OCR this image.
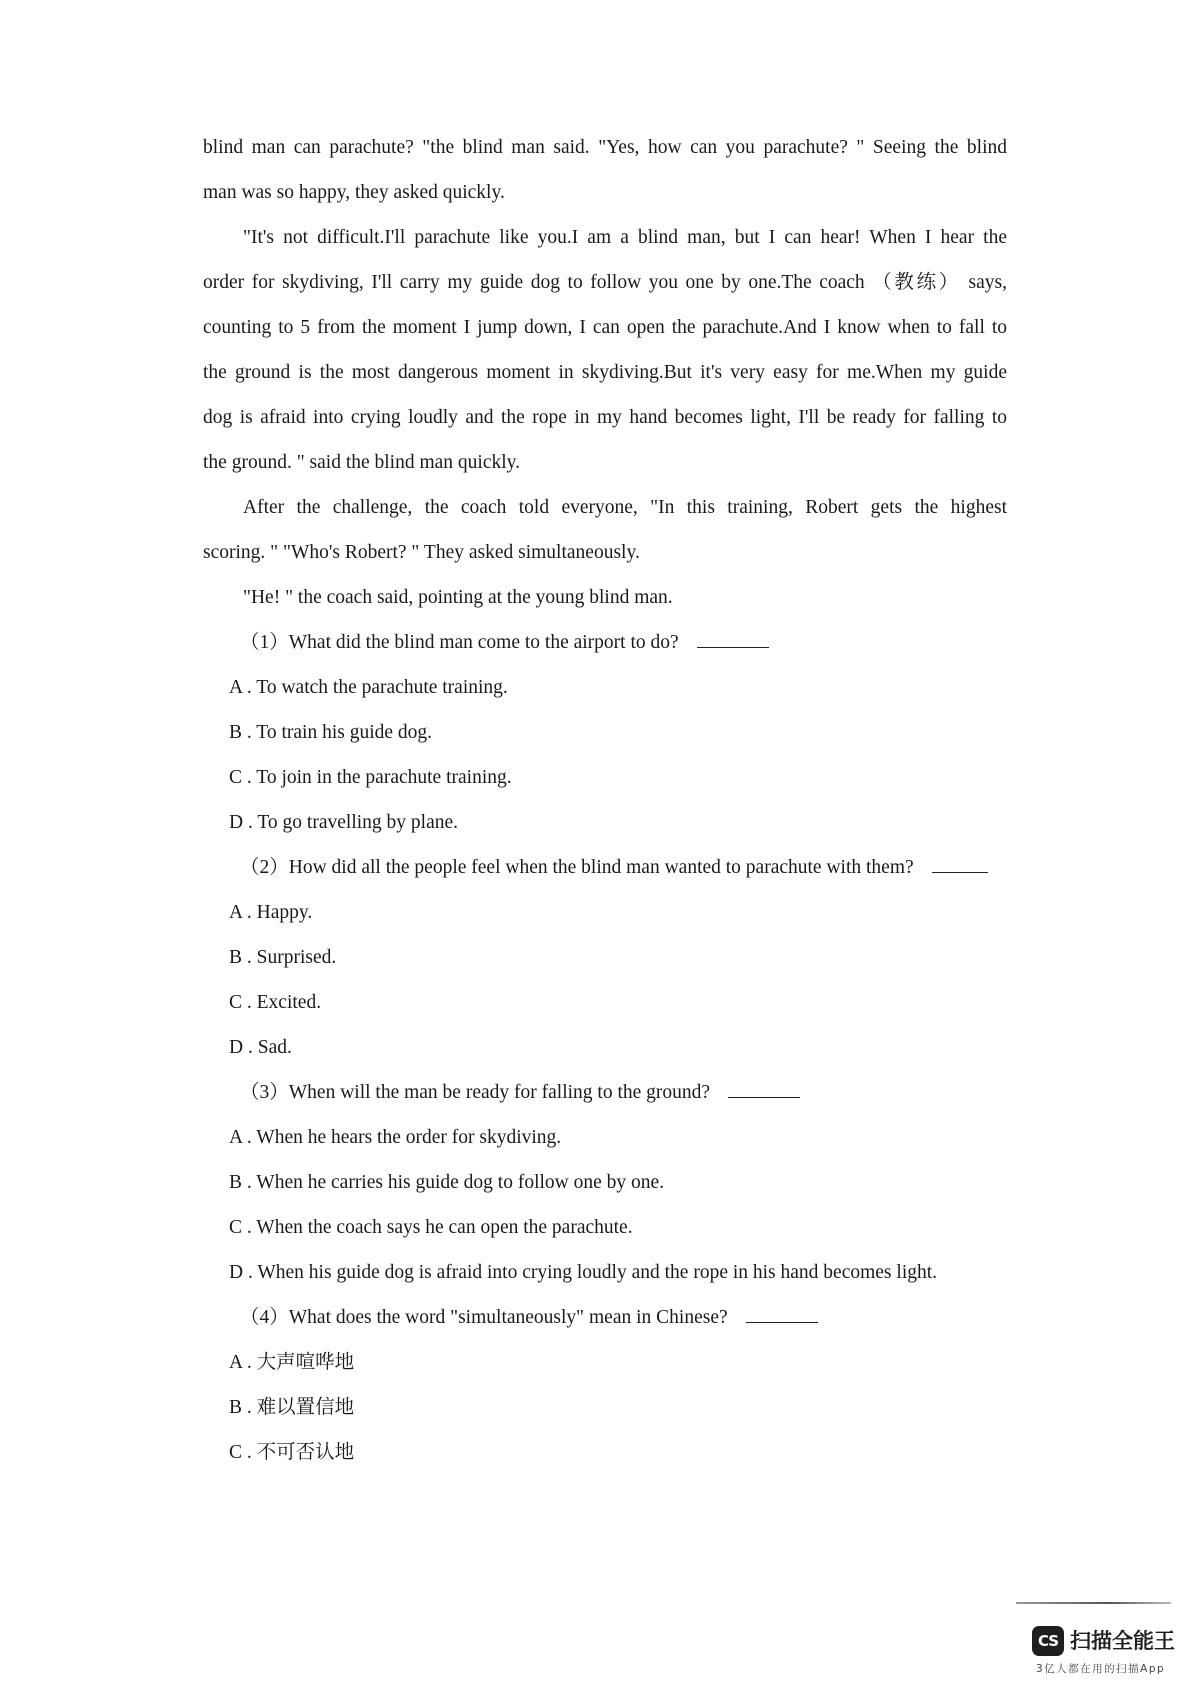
blind man can parachute? "the blind man said. "Yes, how can you parachute? " Seeing the blind
man was so happy, they asked quickly.
"It's not difficult.I'll parachute like you.I am a blind man, but I can hear! When I hear the
order for skydiving, I'll carry my guide dog to follow you one by one.The coach （教练） says,
counting to 5 from the moment I jump down, I can open the parachute.And I know when to fall to
the ground is the most dangerous moment in skydiving.But it's very easy for me.When my guide
dog is afraid into crying loudly and the rope in my hand becomes light, I'll be ready for falling to
the ground. " said the blind man quickly.
After the challenge, the coach told everyone, "In this training, Robert gets the highest
scoring. " "Who's Robert? " They asked simultaneously.
"He! " the coach said, pointing at the young blind man.
（1）What did the blind man come to the airport to do?
A . To watch the parachute training.
B . To train his guide dog.
C . To join in the parachute training.
D . To go travelling by plane.
（2）How did all the people feel when the blind man wanted to parachute with them?
A . Happy.
B . Surprised.
C . Excited.
D . Sad.
（3）When will the man be ready for falling to the ground?
A . When he hears the order for skydiving.
B . When he carries his guide dog to follow one by one.
C . When the coach says he can open the parachute.
D . When his guide dog is afraid into crying loudly and the rope in his hand becomes light.
（4）What does the word "simultaneously" mean in Chinese?
A . 大声喧哗地
B . 难以置信地
C . 不可否认地
CS 扫描全能王
3亿人都在用的扫描App
